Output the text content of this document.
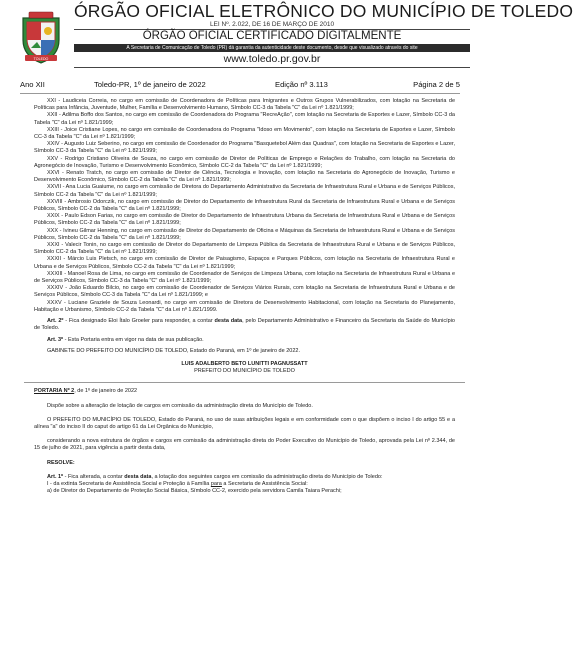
TOLEDO
ÓRGÃO OFICIAL ELETRÔNICO DO MUNICÍPIO DE TOLEDO
LEI Nº. 2.022, DE 16 DE MARÇO DE 2010
ÓRGÃO OFICIAL CERTIFICADO DIGITALMENTE
A Secretaria de Comunicação de Toledo (PR) dá garantia da autenticidade deste documento, desde que visualizado através do site
www.toledo.pr.gov.br
Ano XII	Toledo-PR, 1º de janeiro de 2022	Edição nº 3.113	Página 2 de 5
XXI - Laudiceia Correia, no cargo em comissão de Coordenadora de Políticas para Imigrantes e Outros Grupos Vulnerabilizados, com lotação na Secretaria de Políticas para Infância, Juventude, Mulher, Família e Desenvolvimento Humano, Símbolo CC-3 da Tabela "C" da Lei nº 1.821/1999;
XXII - Adilma Boffo dos Santos, no cargo em comissão de Coordenadora do Programa "RecreAção", com lotação na Secretaria de Esportes e Lazer, Símbolo CC-3 da Tabela "C" da Lei nº 1.821/1999;
XXIII - Joice Cristiane Lopes, no cargo em comissão de Coordenadora do Programa "Idoso em Movimento", com lotação na Secretaria de Esportes e Lazer, Símbolo CC-3 da Tabela "C" da Lei nº 1.821/1999;
XXIV - Augusto Luiz Seberino, no cargo em comissão de Coordenador do Programa "Basquetebol Além das Quadras", com lotação na Secretaria de Esportes e Lazer, Símbolo CC-3 da Tabela "C" da Lei nº 1.821/1999;
XXV - Rodrigo Cristiano Oliveira de Souza, no cargo em comissão de Diretor de Políticas de Emprego e Relações do Trabalho, com lotação na Secretaria do Agronegócio de Inovação, Turismo e Desenvolvimento Econômico, Símbolo CC-2 da Tabela "C" da Lei nº 1.821/1999;
XXVI - Renato Tratch, no cargo em comissão de Diretor de Ciência, Tecnologia e Inovação, com lotação na Secretaria do Agronegócio de Inovação, Turismo e Desenvolvimento Econômico, Símbolo CC-2 da Tabela "C" da Lei nº 1.821/1999;
XXVII - Ana Lucia Guaiume, no cargo em comissão de Diretora do Departamento Administrativo da Secretaria de Infraestrutura Rural e Urbana e de Serviços Públicos, Símbolo CC-2 da Tabela "C" da Lei nº 1.821/1999;
XXVIII - Ambrosio Odorczik, no cargo em comissão de Diretor do Departamento de Infraestrutura Rural da Secretaria de Infraestrutura Rural e Urbana e de Serviços Públicos, Símbolo CC-2 da Tabela "C" da Lei nº 1.821/1999;
XXIX - Paulo Edson Farias, no cargo em comissão de Diretor do Departamento de Infraestrutura Urbana da Secretaria de Infraestrutura Rural e Urbana e de Serviços Públicos, Símbolo CC-2 da Tabela "C" da Lei nº 1.821/1999;
XXX - Ivineu Gilmar Henning, no cargo em comissão de Diretor do Departamento de Oficina e Máquinas da Secretaria de Infraestrutura Rural e Urbana e de Serviços Públicos, Símbolo CC-2 da Tabela "C" da Lei nº 1.821/1999;
XXXI - Valecir Tonin, no cargo em comissão de Diretor do Departamento de Limpeza Pública da Secretaria de Infraestrutura Rural e Urbana e de Serviços Públicos, Símbolo CC-2 da Tabela "C" da Lei nº 1.821/1999;
XXXII - Márcio Luis Pletsch, no cargo em comissão de Diretor de Paisagismo, Espaços e Parques Públicos, com lotação na Secretaria de Infraestrutura Rural e Urbana e de Serviços Públicos, Símbolo CC-2 da Tabela "C" da Lei nº 1.821/1999;
XXXIII - Manoel Rosa de Lima, no cargo em comissão de Coordenador de Serviços de Limpeza Urbana, com lotação na Secretaria de Infraestrutura Rural e Urbana e de Serviços Públicos, Símbolo CC-3 da Tabela "C" da Lei nº 1.821/1999;
XXXIV - João Eduardo Bilcio, no cargo em comissão de Coordenador de Serviços Viários Rurais, com lotação na Secretaria de Infraestrutura Rural e Urbana e de Serviços Públicos, Símbolo CC-3 da Tabela "C" da Lei nº 1.821/1999; e
XXXV - Luciane Graziele de Souza Leonardi, no cargo em comissão de Diretora de Desenvolvimento Habitacional, com lotação na Secretaria do Planejamento, Habitação e Urbanismo, Símbolo CC-2 da Tabela "C" da Lei nº 1.821/1999.
Art. 2º - Fica designado Eloi Ítalo Groeler para responder, a contar desta data, pelo Departamento Administrativo e Financeiro da Secretaria da Saúde do Município de Toledo.
Art. 3º - Esta Portaria entra em vigor na data de sua publicação.
GABINETE DO PREFEITO DO MUNICÍPIO DE TOLEDO, Estado do Paraná, em 1º de janeiro de 2022.
LUIS ADALBERTO BETO LUNITTI PAGNUSSATT
PREFEITO DO MUNICÍPIO DE TOLEDO
PORTARIA Nº 2, de 1º de janeiro de 2022
Dispõe sobre a alteração de lotação de cargos em comissão da administração direta do Município de Toledo.
O PREFEITO DO MUNICÍPIO DE TOLEDO, Estado do Paraná, no uso de suas atribuições legais e em conformidade com o que dispõem o inciso I do artigo 55 e a alínea "a" do inciso II do caput do artigo 61 da Lei Orgânica do Município,
considerando a nova estrutura de órgãos e cargos em comissão da administração direta do Poder Executivo do Município de Toledo, aprovada pela Lei nº 2.344, de 15 de julho de 2021, para vigência a partir desta data,
RESOLVE:
Art. 1º - Fica alterada, a contar desta data, a lotação dos seguintes cargos em comissão da administração direta do Município de Toledo:
I - da extinta Secretaria de Assistência Social e Proteção à Família para a Secretaria de Assistência Social:
a) de Diretor do Departamento de Proteção Social Básica, Símbolo CC-2, exercido pela servidora Camila Taiara Perachi;
